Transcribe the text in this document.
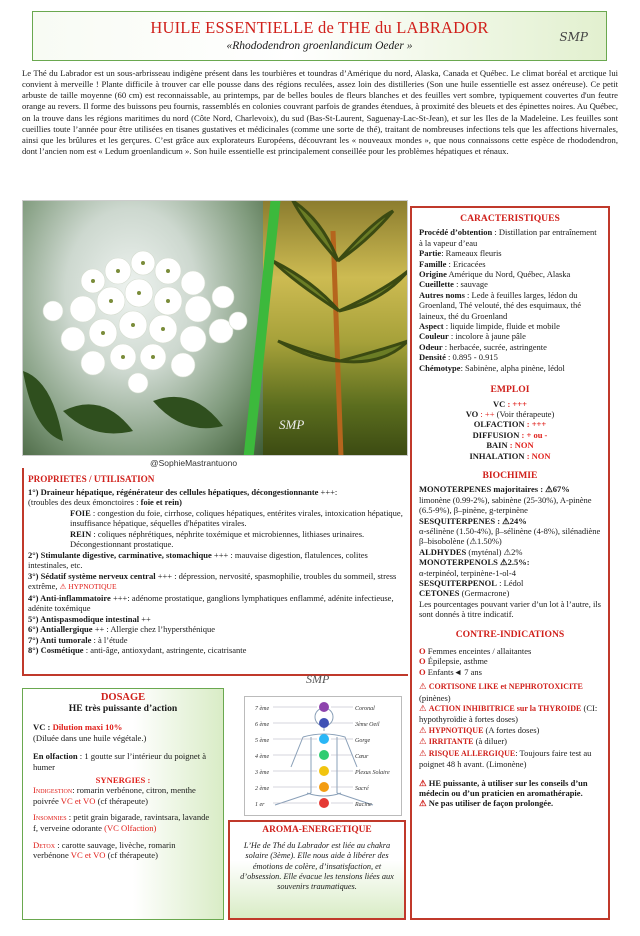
HUILE ESSENTIELLE de THE du LABRADOR
«Rhododendron groenlandicum Oeder »
SMP
Le Thé du Labrador est un sous-arbrisseau indigène présent dans les tourbières et toundras d’Amérique du nord, Alaska, Canada et Québec. Le climat boréal et arctique lui convient à merveille ! Plante difficile à trouver car elle pousse dans des régions reculées, assez loin des distilleries (Son une huile essentielle est assez onéreuse). Ce petit arbuste de taille moyenne (60 cm) est reconnaissable, au printemps, par de belles boules de fleurs blanches et des feuilles vert sombre, typiquement couvertes d'un feutre orange au revers. Il forme des buissons peu fournis, rassemblés en colonies couvrant parfois de grandes étendues, à proximité des bleuets et des épinettes noires. Au Québec, on la trouve dans les régions maritimes du nord (Côte Nord, Charlevoix), du sud (Bas-St-Laurent, Saguenay-Lac-St-Jean), et sur les Iles de la Madeleine. Les feuilles sont cueillies toute l’année pour être utilisées en tisanes gustatives et médicinales (comme une sorte de thé), traitant de nombreuses infections tels que les affections hivernales, ainsi que les brûlures et les gerçures. C’est grâce aux explorateurs Européens, découvrant les « nouveaux mondes », que nous connaissons cette espèce de rhododendron, dont l’ancien nom est « Ledum groenlandicum ». Son huile essentielle est principalement conseillée pour les problèmes hépatiques et rénaux.
SMP
@SophieMastrantuono
PROPRIETES / UTILISATION
1°) Draineur hépatique, régénérateur des cellules hépatiques, décongestionnante +++:
(troubles des deux émonctoires : foie et rein)
FOIE : congestion du foie, cirrhose, coliques hépatiques, entérites virales, intoxication hépatique, insuffisance hépatique, séquelles d'hépatites virales.
REIN : coliques néphrétiques, néphrite toxémique et microbiennes, lithiases urinaires. Décongestionnant prostatique.
2°) Stimulante digestive, carminative, stomachique +++ : mauvaise digestion, flatulences, colites intestinales, etc.
3°) Sédatif système nerveux central +++ : dépression, nervosité, spasmophilie, troubles du sommeil, stress extrême, ⚠ HYPNOTIQUE
4°) Anti-inflammatoire +++: adénome prostatique, ganglions lymphatiques enflammé, adénite infectieuse, adénite toxémique
5°) Antispasmodique intestinal ++
6°) Antiallergique ++ : Allergie chez l’hypersthénique
7°) Anti tumorale : à l’étude
8°) Cosmétique : anti-âge, antioxydant, astringente, cicatrisante
SMP
DOSAGE
HE très puissante d’action
VC : Dilution maxi 10%
(Diluée dans une huile végétale.)
En olfaction : 1 goutte sur l’intérieur du poignet à humer
SYNERGIES :
Indigestion: romarin verbénone, citron, menthe poivrée VC et VO (cf thérapeute)
Insomnies : petit grain bigarade, ravintsara, lavande f, verveine odorante (VC Olfaction)
Detox : carotte sauvage, livèche, romarin verbénone VC et VO (cf thérapeute)
7 ème	Coronal
6 ème	3ème Oeil
5 ème	Gorge
4 ème	Cœur
3 ème	Plexus Solaire
2 ème	Sacré
1 er	Racine
AROMA-ENERGETIQUE
L’He de Thé du Labrador est liée au chakra solaire (3ème). Elle nous aide à libérer des émotions de colère, d’insatisfaction, et d’obsession. Elle évacue les tensions liées aux souvenirs traumatiques.
CARACTERISTIQUES
Procédé d’obtention : Distillation par entraînement à la vapeur d’eau
Partie: Rameaux fleuris
Famille : Ericacées
Origine Amérique du Nord, Québec, Alaska
Cueillette : sauvage
Autres noms : Lede à feuilles larges, lédon du Groenland, Thé velouté, thé des esquimaux, thé laineux, thé du Groenland
Aspect : liquide limpide, fluide et mobile
Couleur : incolore à jaune pâle
Odeur : herbacée, sucrée, astringente
Densité : 0.895 - 0.915
Chémotype: Sabinène, alpha pinène, lédol
EMPLOI
VC : +++
VO : ++ (Voir thérapeute)
OLFACTION : +++
DIFFUSION : + ou -
BAIN : NON
INHALATION : NON
BIOCHIMIE
MONOTERPENES majoritaires : ⚠67%
limonène (0.99-2%), sabinène (25-30%), A-pinène (6.5-9%), β–pinène, g-terpinène
SESQUITERPENES : ⚠24%
α-sélinène (1.50-4%), β–sélinène (4-8%), silénadiène β–bisobolène (⚠1.50%)
ALDHYDES (myténal) ⚠2%
MONOTERPENOLS ⚠2.5%:
α-terpinéol, terpinène-1-ol-4
SESQUITERPENOL : Lédol
CETONES (Germacrone)
Les pourcentages pouvant varier d’un lot à l’autre, ils sont donnés à titre indicatif.
CONTRE-INDICATIONS
O Femmes enceintes / allaitantes
O Épilepsie, asthme
O Enfants◄ 7 ans
⚠ CORTISONE LIKE et NEPHROTOXICITE (pinènes)
⚠ ACTION INHIBITRICE sur la THYROIDE (CI: hypothyroïdie à fortes doses)
⚠ HYPNOTIQUE (A fortes doses)
⚠ IRRITANTE (à diluer)
⚠ RISQUE ALLERGIQUE: Toujours faire test au poignet 48 h avant. (Limonène)
⚠ HE puissante, à utiliser sur les conseils d’un médecin ou d’un praticien en aromathérapie.
⚠ Ne pas utiliser de façon prolongée.
